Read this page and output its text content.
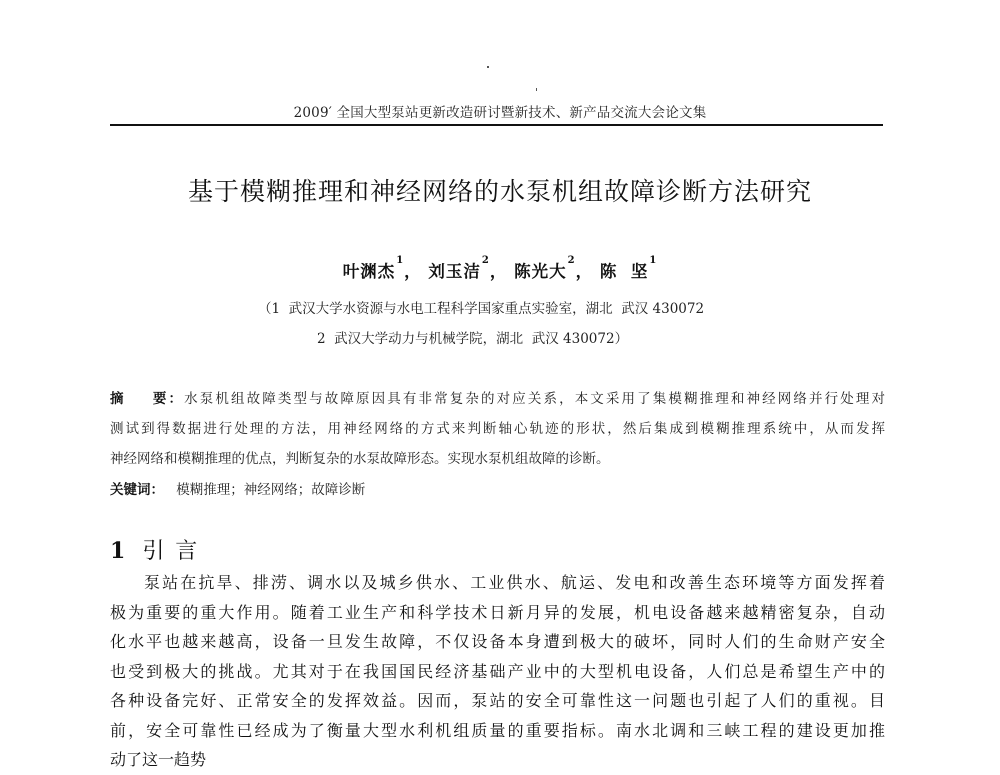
2009′ 全国大型泵站更新改造研讨暨新技术、新产品交流大会论文集
基于模糊推理和神经网络的水泵机组故障诊断方法研究
叶渊杰$^1$， 刘玉洁$^2$， 陈光大$^2$， 陈  坚$^1$
（1  武汉大学水资源与水电工程科学国家重点实验室，湖北  武汉 430072
2  武汉大学动力与机械学院，湖北  武汉 430072）
摘    要：水泵机组故障类型与故障原因具有非常复杂的对应关系，本文采用了集模糊推理和神经网络并行处理对
测试到得数据进行处理的方法，用神经网络的方式来判断轴心轨迹的形状，然后集成到模糊推理系统中，从而发挥
神经网络和模糊推理的优点，判断复杂的水泵故障形态。实现水泵机组故障的诊断。
关键词： 模糊推理；神经网络；故障诊断
1 引 言
泵站在抗旱、排涝、调水以及城乡供水、工业供水、航运、发电和改善生态环境等方面发挥着
极为重要的重大作用。随着工业生产和科学技术日新月异的发展，机电设备越来越精密复杂，自动
化水平也越来越高，设备一旦发生故障，不仅设备本身遭到极大的破坏，同时人们的生命财产安全
也受到极大的挑战。尤其对于在我国国民经济基础产业中的大型机电设备，人们总是希望生产中的
各种设备完好、正常安全的发挥效益。因而，泵站的安全可靠性这一问题也引起了人们的重视。目
前，安全可靠性已经成为了衡量大型水利机组质量的重要指标。南水北调和三峡工程的建设更加推
动了这一趋势
